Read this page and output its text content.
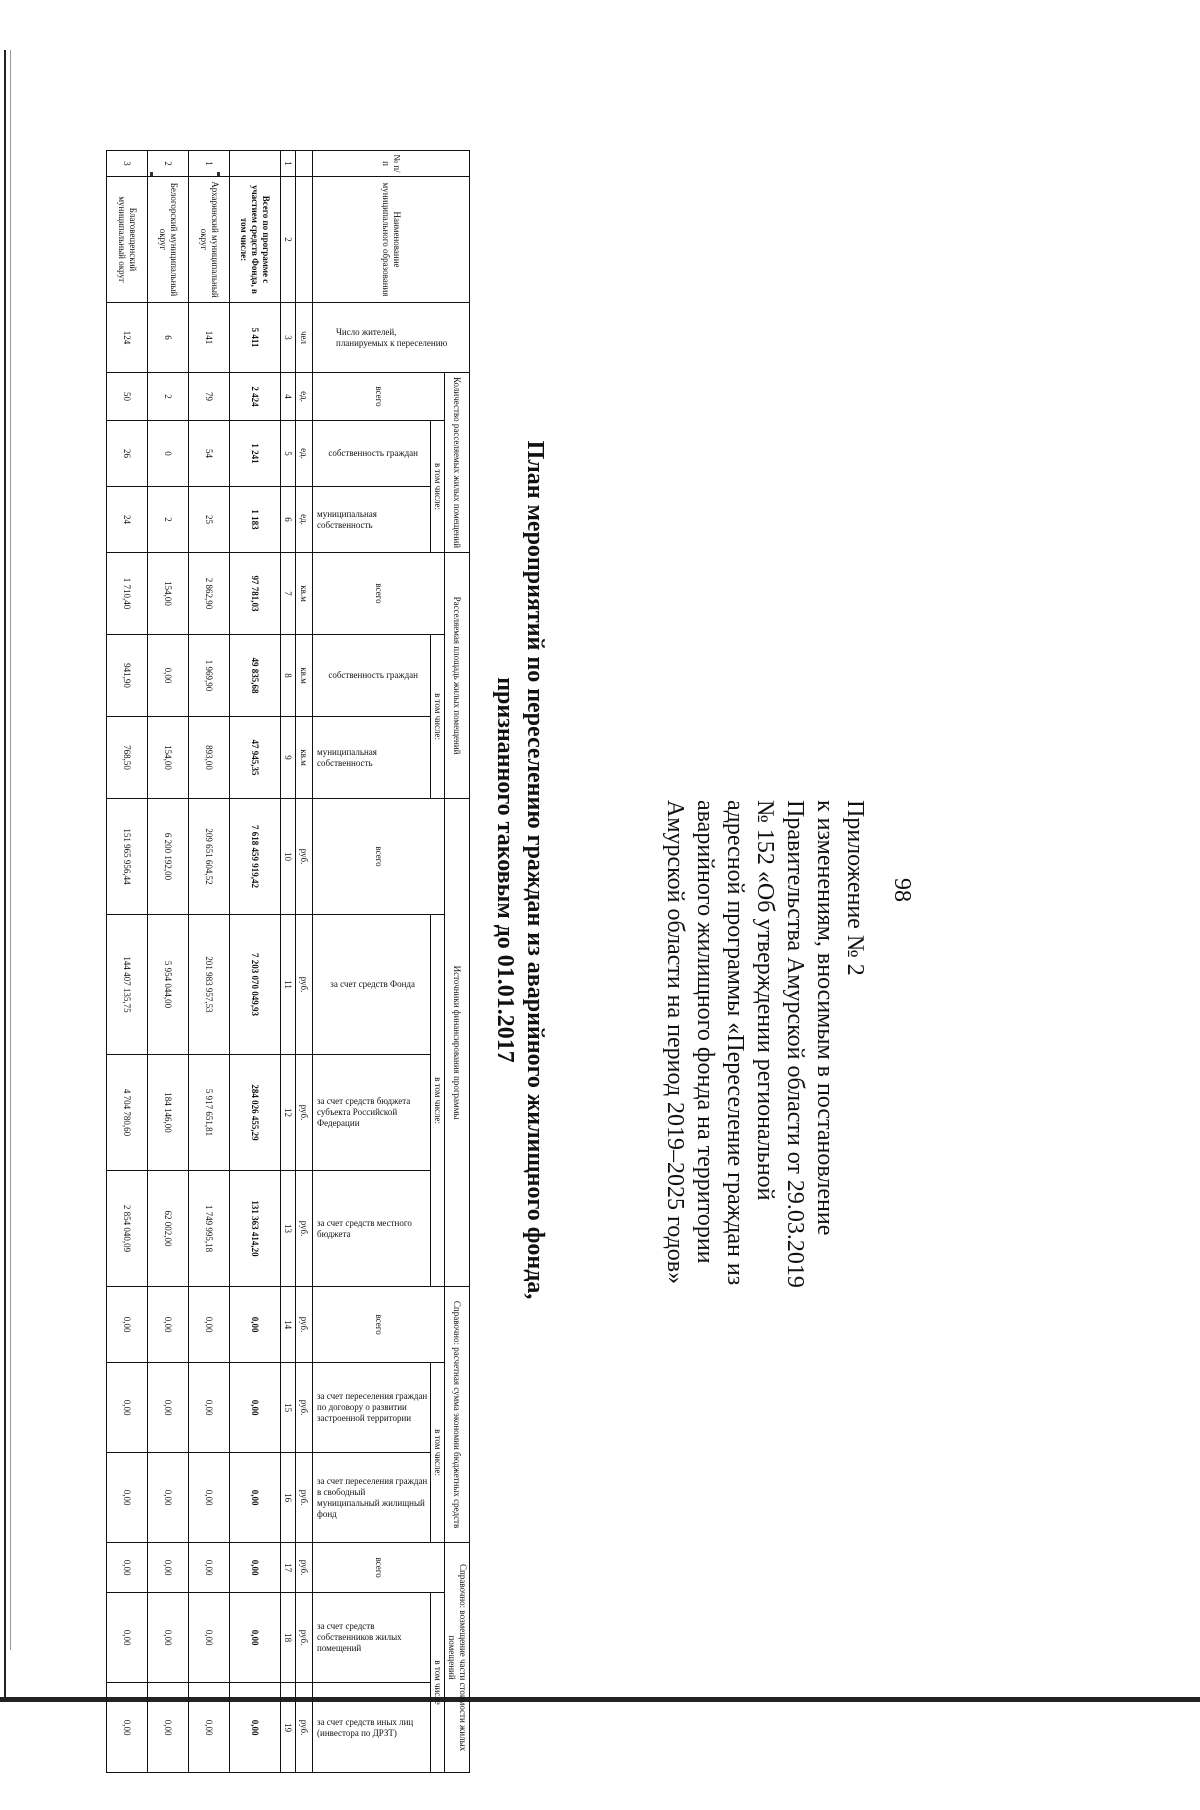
98
Приложение № 2
к изменениям, вносимым в постановление
Правительства Амурской области от 29.03.2019
№ 152 «Об утверждении региональной
адресной программы «Переселение граждан из
аварийного жилищного фонда на территории
Амурской области на период 2019–2025 годов»
План мероприятий по переселению граждан из аварийного жилищного фонда,
признанного таковым до 01.01.2017
№ п/п	Наименование муниципального образования	Число жителей, планируемых к переселению	Количество расселяемых жилых помещений			Расселяемая площадь жилых помещений			Источники финансирования программы				Справочно: расчетная сумма экономии бюджетных средств			Справочно: возмещение части стоимости жилых помещений		
			всего	в том числе:		всего	в том числе:		всего	в том числе:			всего	в том числе:		всего	в том числе	
				собственность граждан	муниципальная собственность		собственность граждан	муниципальная собственность		за счет средств Фонда	за счет средств бюджета субъекта Российской Федерации	за счет средств местного бюджета		за счет переселения граждан по договору о развитии застроенной территории	за счет переселения граждан в свободный муниципальный жилищный фонд		за счет средств собственников жилых помещений	за счет средств иных лиц (инвестора по ДРЗТ)
		чел	ед.	ед.	ед.	кв.м	кв.м	кв.м	руб.	руб.	руб.	руб.	руб.	руб.	руб.	руб.	руб.	руб.
1	2	3	4	5	6	7	8	9	10	11	12	13	14	15	16	17	18	19
	Всего по программе с участием средств Фонда, в том числе:	5 411	2 424	1 241	1 183	97 781,03	49 835,68	47 945,35	7 618 459 919,42	7 203 070 049,93	284 026 455,29	131 363 414,20	0,00	0,00	0,00	0,00	0,00	0,00
1	Архаринский муниципальный округ	141	79	54	25	2 862,90	1 969,90	893,00	209 651 604,52	201 983 957,53	5 917 651,81	1 749 995,18	0,00	0,00	0,00	0,00	0,00	0,00
2	Белогорский муниципальный округ	6	2	0	2	154,00	0,00	154,00	6 200 192,00	5 954 044,00	184 146,00	62 002,00	0,00	0,00	0,00	0,00	0,00	0,00
3	Благовещенский муниципальный округ	124	50	26	24	1 710,40	941,90	768,50	151 965 956,44	144 407 135,75	4 704 780,60	2 854 040,09	0,00	0,00	0,00	0,00	0,00	0,00
